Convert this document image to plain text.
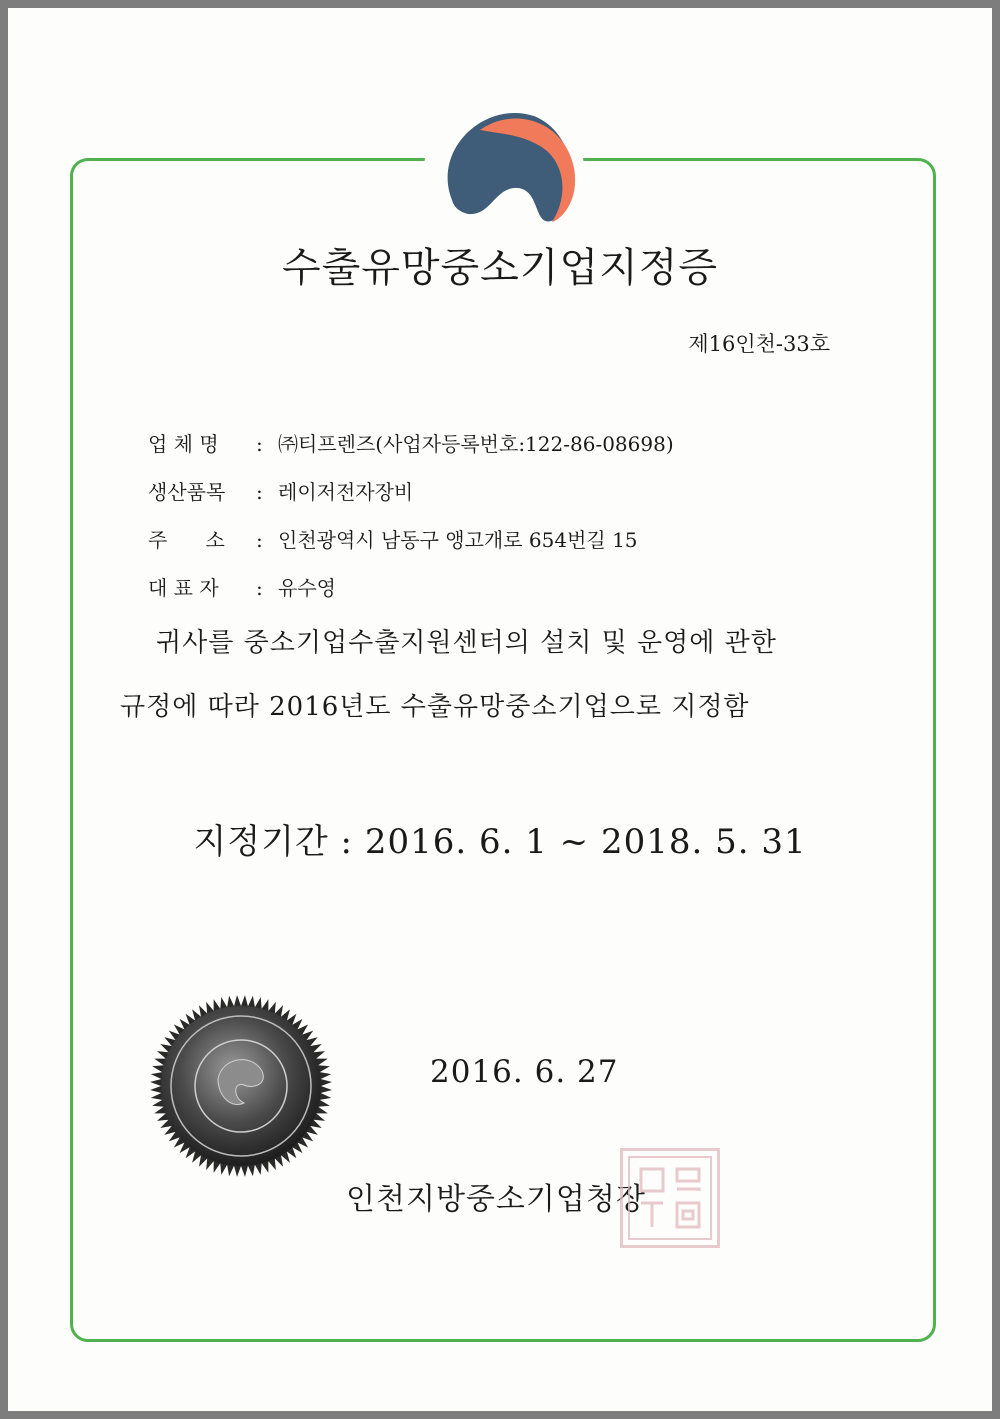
수출유망중소기업지정증
제16인천-33호
업 체 명 : ㈜티프렌즈(사업자등록번호:122-86-08698)
생산품목 : 레이저전자장비
주      소 : 인천광역시 남동구 앵고개로 654번길 15
대 표 자 : 유수영
귀사를 중소기업수출지원센터의 설치 및 운영에 관한
규정에 따라 2016년도 수출유망중소기업으로 지정함
지정기간 : 2016. 6. 1 ~ 2018. 5. 31
2016. 6. 27
인천지방중소기업청장
